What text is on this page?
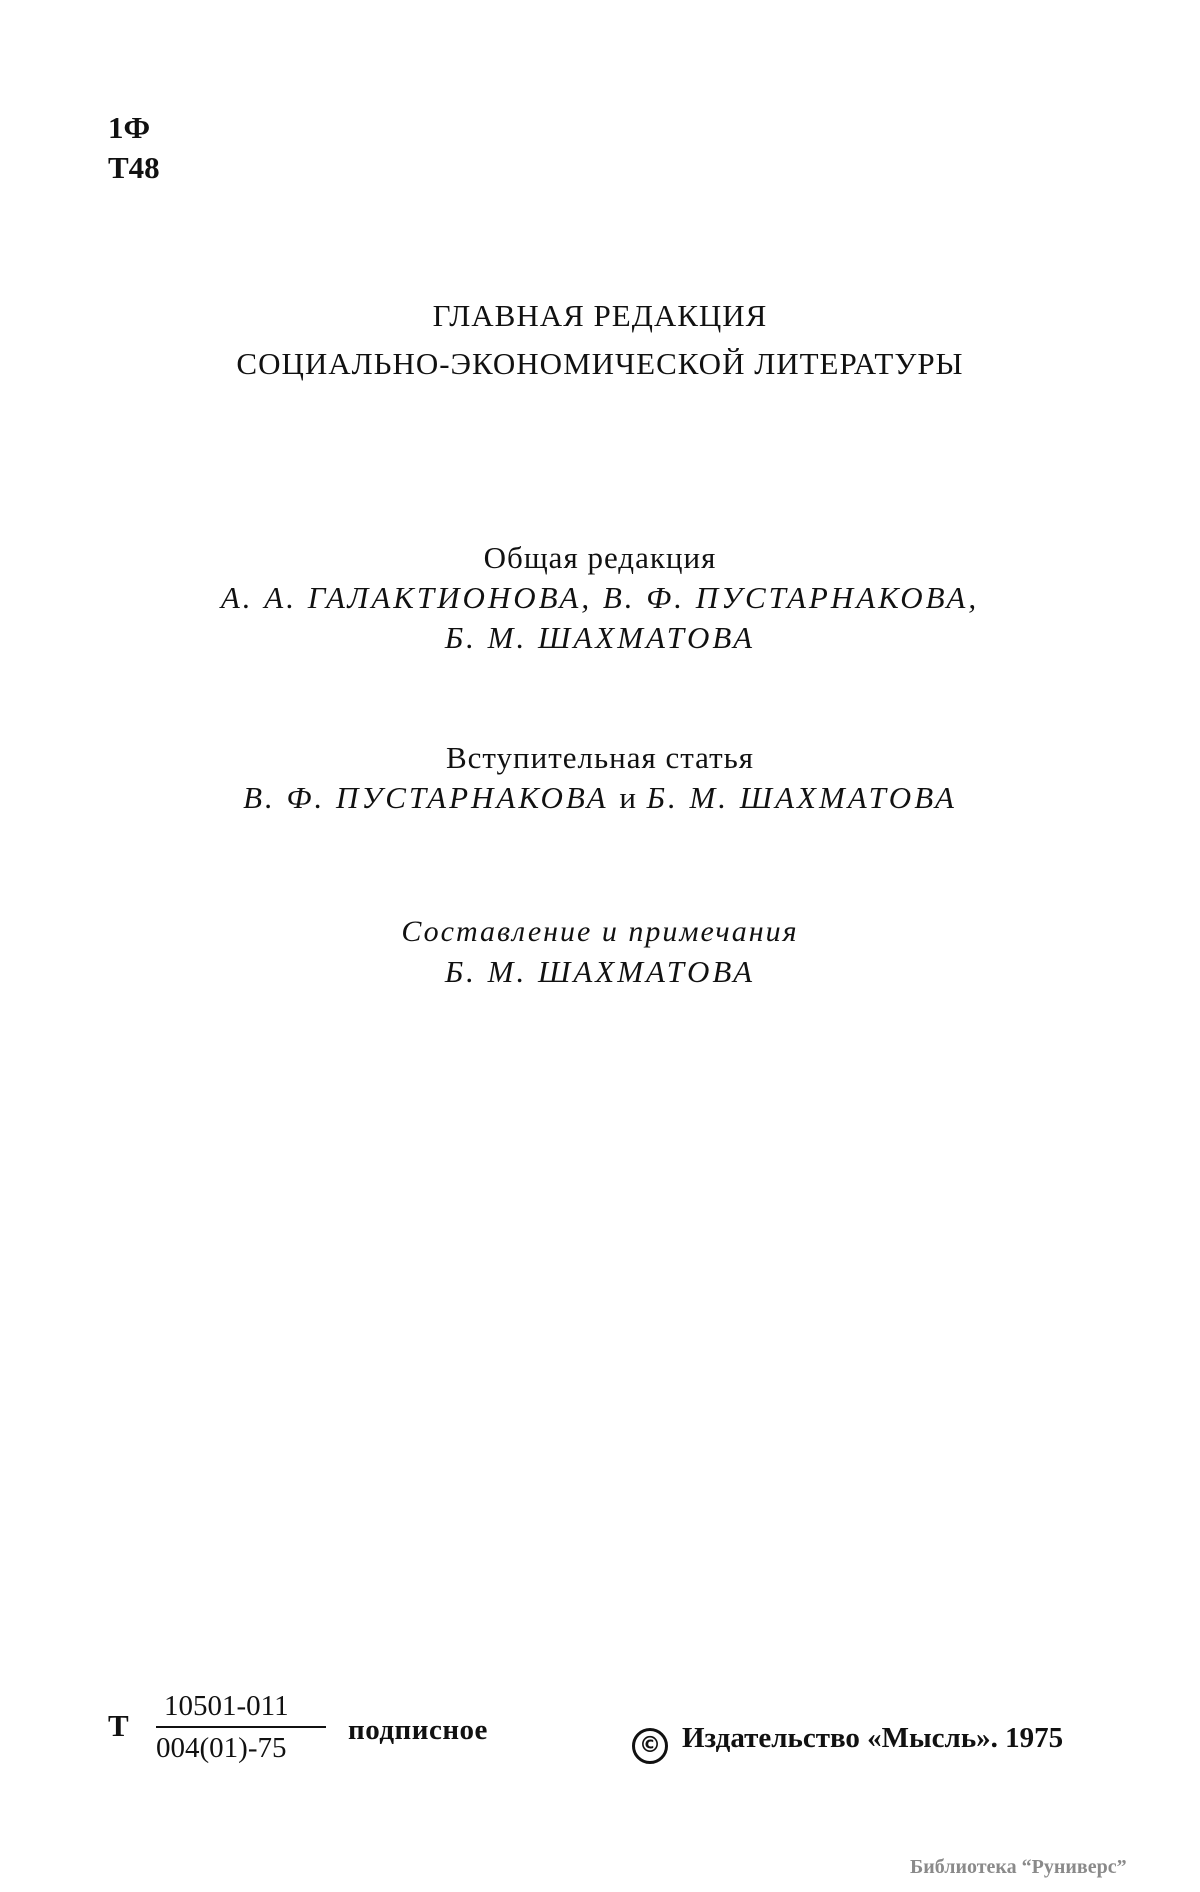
1Ф
Т48
ГЛАВНАЯ РЕДАКЦИЯ
СОЦИАЛЬНО-ЭКОНОМИЧЕСКОЙ ЛИТЕРАТУРЫ
Общая редакция
А. А. ГАЛАКТИОНОВА, В. Ф. ПУСТАРНАКОВА,
Б. М. ШАХМАТОВА
Вступительная статья
В. Ф. ПУСТАРНАКОВА и Б. М. ШАХМАТОВА
Составление и примечания
Б. М. ШАХМАТОВА
Т
10501-011
004(01)-75
подписное	© Издательство «Мысль». 1975
Библиотека “Руниверс”
